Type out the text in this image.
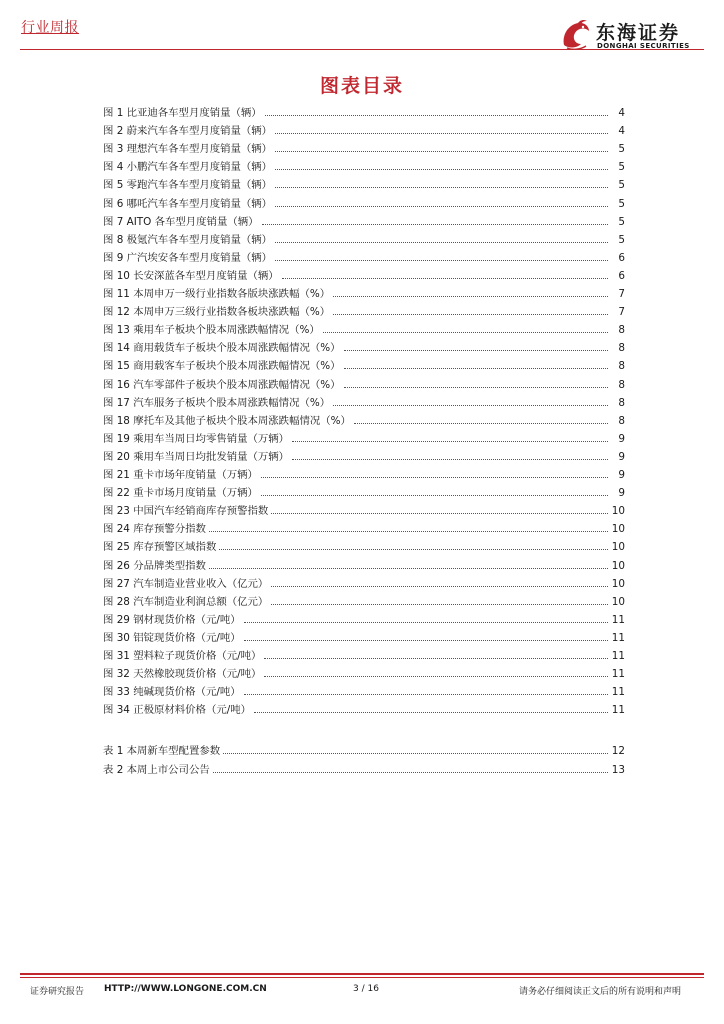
行业周报	东海证券
DONGHAI SECURITIES
图表目录
图 1 比亚迪各车型月度销量（辆）	4
图 2 蔚来汽车各车型月度销量（辆）	4
图 3 理想汽车各车型月度销量（辆）	5
图 4 小鹏汽车各车型月度销量（辆）	5
图 5 零跑汽车各车型月度销量（辆）	5
图 6 哪吒汽车各车型月度销量（辆）	5
图 7 AITO 各车型月度销量（辆）	5
图 8 极氪汽车各车型月度销量（辆）	5
图 9 广汽埃安各车型月度销量（辆）	6
图 10 长安深蓝各车型月度销量（辆）	6
图 11 本周申万一级行业指数各版块涨跌幅（%）	7
图 12 本周申万三级行业指数各板块涨跌幅（%）	7
图 13 乘用车子板块个股本周涨跌幅情况（%）	8
图 14 商用载货车子板块个股本周涨跌幅情况（%）	8
图 15 商用载客车子板块个股本周涨跌幅情况（%）	8
图 16 汽车零部件子板块个股本周涨跌幅情况（%）	8
图 17 汽车服务子板块个股本周涨跌幅情况（%）	8
图 18 摩托车及其他子板块个股本周涨跌幅情况（%）	8
图 19 乘用车当周日均零售销量（万辆）	9
图 20 乘用车当周日均批发销量（万辆）	9
图 21 重卡市场年度销量（万辆）	9
图 22 重卡市场月度销量（万辆）	9
图 23 中国汽车经销商库存预警指数	10
图 24 库存预警分指数	10
图 25 库存预警区域指数	10
图 26 分品牌类型指数	10
图 27 汽车制造业营业收入（亿元）	10
图 28 汽车制造业利润总额（亿元）	10
图 29 钢材现货价格（元/吨）	11
图 30 铝锭现货价格（元/吨）	11
图 31 塑料粒子现货价格（元/吨）	11
图 32 天然橡胶现货价格（元/吨）	11
图 33 纯碱现货价格（元/吨）	11
图 34 正极原材料价格（元/吨）	11
表 1 本周新车型配置参数	12
表 2 本周上市公司公告	13
证券研究报告 HTTP://WWW.LONGONE.COM.CN	3 / 16	请务必仔细阅读正文后的所有说明和声明
